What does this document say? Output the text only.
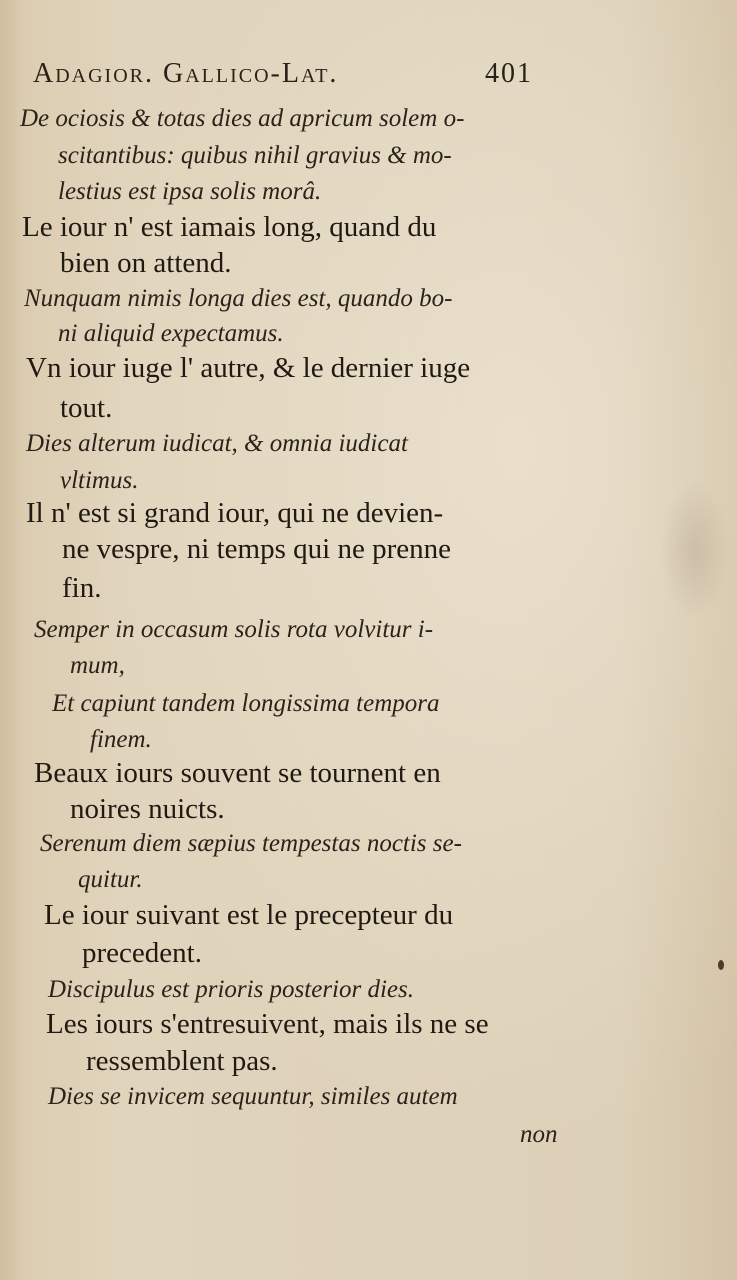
Adagior. Gallico-Lat.	401
De ociosis & totas dies ad apricum solem o-
scitantibus: quibus nihil gravius & mo-
lestius est ipsa solis morâ.
Le iour n' est iamais long, quand du
bien on attend.
Nunquam nimis longa dies est, quando bo-
ni aliquid expectamus.
Vn iour iuge l' autre, & le dernier iuge
tout.
Dies alterum iudicat, & omnia iudicat
vltimus.
Il n' est si grand iour, qui ne devien-
ne vespre, ni temps qui ne prenne
fin.
Semper in occasum solis rota volvitur i-
mum,
Et capiunt tandem longissima tempora
finem.
Beaux iours souvent se tournent en
noires nuicts.
Serenum diem sæpius tempestas noctis se-
quitur.
Le iour suivant est le precepteur du
precedent.
Discipulus est prioris posterior dies.
Les iours s'entresuivent, mais ils ne se
ressemblent pas.
Dies se invicem sequuntur, similes autem
non
